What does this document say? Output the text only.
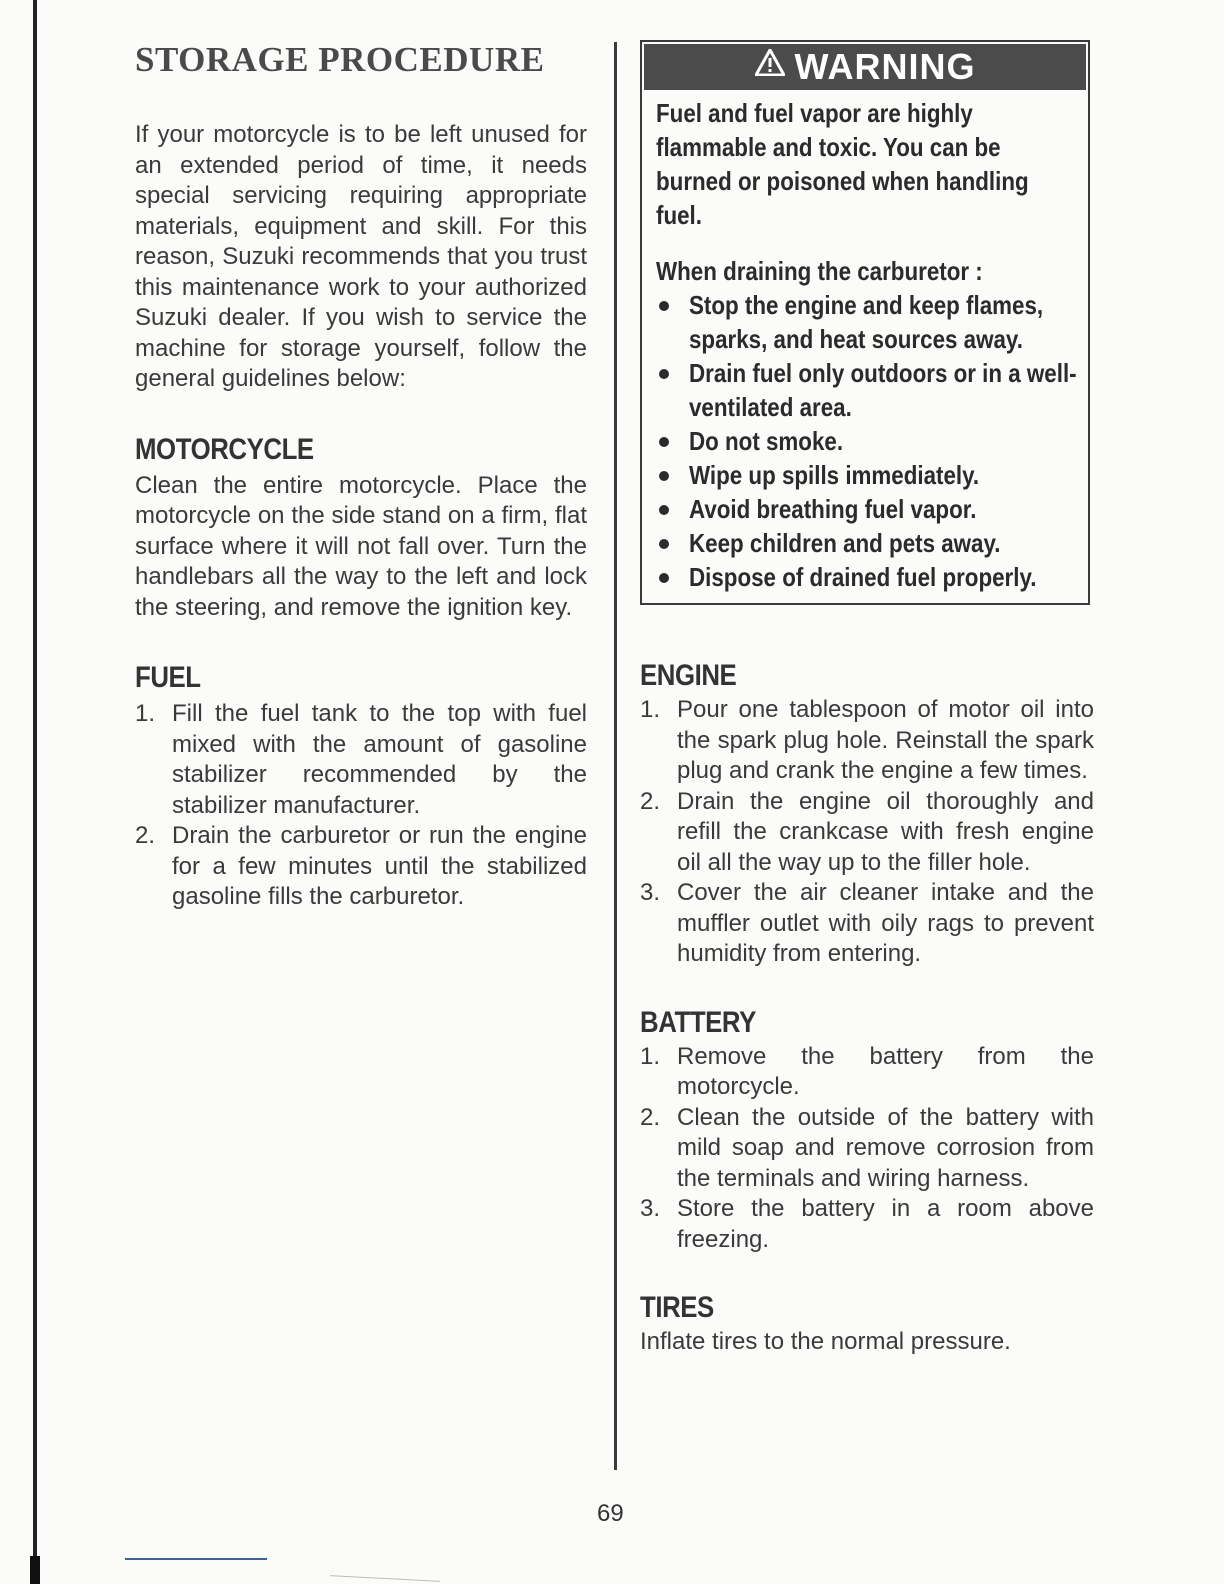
STORAGE PROCEDURE

If your motorcycle is to be left unused for an extended period of time, it needs special servicing requiring appropriate materials, equipment and skill. For this reason, Suzuki recommends that you trust this maintenance work to your authorized Suzuki dealer. If you wish to service the machine for storage yourself, follow the general guidelines below:

MOTORCYCLE

Clean the entire motorcycle. Place the motorcycle on the side stand on a firm, flat surface where it will not fall over. Turn the handlebars all the way to the left and lock the steering, and remove the ignition key.

FUEL
1. Fill the fuel tank to the top with fuel mixed with the amount of gasoline stabilizer recommended by the stabilizer manufacturer.
2. Drain the carburetor or run the engine for a few minutes until the stabilized gasoline fills the carburetor.
WARNING

Fuel and fuel vapor are highly flammable and toxic. You can be burned or poisoned when handling fuel.

When draining the carburetor :

Stop the engine and keep flames, sparks, and heat sources away.
Drain fuel only outdoors or in a well-ventilated area.
Do not smoke.
Wipe up spills immediately.
Avoid breathing fuel vapor.
Keep children and pets away.
Dispose of drained fuel properly.
ENGINE
1. Pour one tablespoon of motor oil into the spark plug hole. Reinstall the spark plug and crank the engine a few times.
2. Drain the engine oil thoroughly and refill the crankcase with fresh engine oil all the way up to the filler hole.
3. Cover the air cleaner intake and the muffler outlet with oily rags to prevent humidity from entering.
BATTERY
1. Remove the battery from the motorcycle.
2. Clean the outside of the battery with mild soap and remove corrosion from the terminals and wiring harness.
3. Store the battery in a room above freezing.
TIRES

Inflate tires to the normal pressure.

69
